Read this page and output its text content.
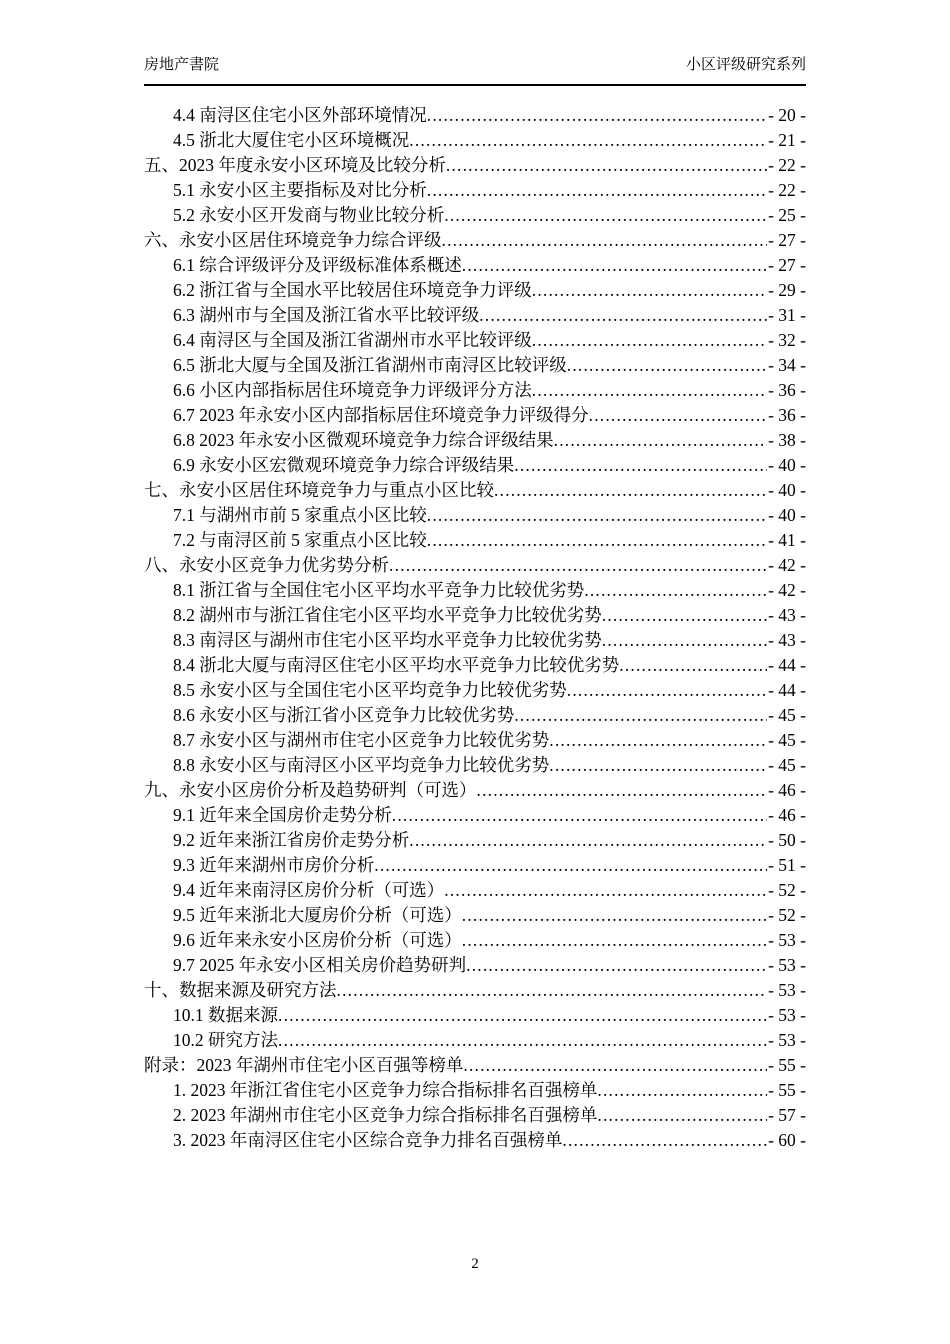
房地产書院	小区评级研究系列
4.4 南浔区住宅小区外部环境情况 .....	- 20 -
4.5 浙北大厦住宅小区环境概况 .....	- 21 -
五、2023 年度永安小区环境及比较分析 .....	- 22 -
5.1 永安小区主要指标及对比分析 .....	- 22 -
5.2 永安小区开发商与物业比较分析 .....	- 25 -
六、永安小区居住环境竞争力综合评级 .....	- 27 -
6.1 综合评级评分及评级标准体系概述 .....	- 27 -
6.2 浙江省与全国水平比较居住环境竞争力评级 .....	- 29 -
6.3 湖州市与全国及浙江省水平比较评级 .....	- 31 -
6.4 南浔区与全国及浙江省湖州市水平比较评级 .....	- 32 -
6.5 浙北大厦与全国及浙江省湖州市南浔区比较评级 .....	- 34 -
6.6 小区内部指标居住环境竞争力评级评分方法 .....	- 36 -
6.7 2023 年永安小区内部指标居住环境竞争力评级得分 .....	- 36 -
6.8 2023 年永安小区微观环境竞争力综合评级结果 .....	- 38 -
6.9 永安小区宏微观环境竞争力综合评级结果 .....	- 40 -
七、永安小区居住环境竞争力与重点小区比较 .....	- 40 -
7.1 与湖州市前 5 家重点小区比较 .....	- 40 -
7.2 与南浔区前 5 家重点小区比较 .....	- 41 -
八、永安小区竞争力优劣势分析 .....	- 42 -
8.1 浙江省与全国住宅小区平均水平竞争力比较优劣势 .....	- 42 -
8.2 湖州市与浙江省住宅小区平均水平竞争力比较优劣势 .....	- 43 -
8.3 南浔区与湖州市住宅小区平均水平竞争力比较优劣势 .....	- 43 -
8.4 浙北大厦与南浔区住宅小区平均水平竞争力比较优劣势 .....	- 44 -
8.5 永安小区与全国住宅小区平均竞争力比较优劣势 .....	- 44 -
8.6 永安小区与浙江省小区竞争力比较优劣势 .....	- 45 -
8.7 永安小区与湖州市住宅小区竞争力比较优劣势 .....	- 45 -
8.8 永安小区与南浔区小区平均竞争力比较优劣势 .....	- 45 -
九、永安小区房价分析及趋势研判（可选） .....	- 46 -
9.1 近年来全国房价走势分析 .....	- 46 -
9.2 近年来浙江省房价走势分析 .....	- 50 -
9.3 近年来湖州市房价分析 .....	- 51 -
9.4 近年来南浔区房价分析（可选） .....	- 52 -
9.5 近年来浙北大厦房价分析（可选） .....	- 52 -
9.6 近年来永安小区房价分析（可选） .....	- 53 -
9.7 2025 年永安小区相关房价趋势研判 .....	- 53 -
十、数据来源及研究方法 .....	- 53 -
10.1 数据来源 .....	- 53 -
10.2 研究方法 .....	- 53 -
附录：2023 年湖州市住宅小区百强等榜单 .....	- 55 -
1. 2023 年浙江省住宅小区竞争力综合指标排名百强榜单 .....	- 55 -
2. 2023 年湖州市住宅小区竞争力综合指标排名百强榜单 .....	- 57 -
3. 2023 年南浔区住宅小区综合竞争力排名百强榜单 .....	- 60 -
2
